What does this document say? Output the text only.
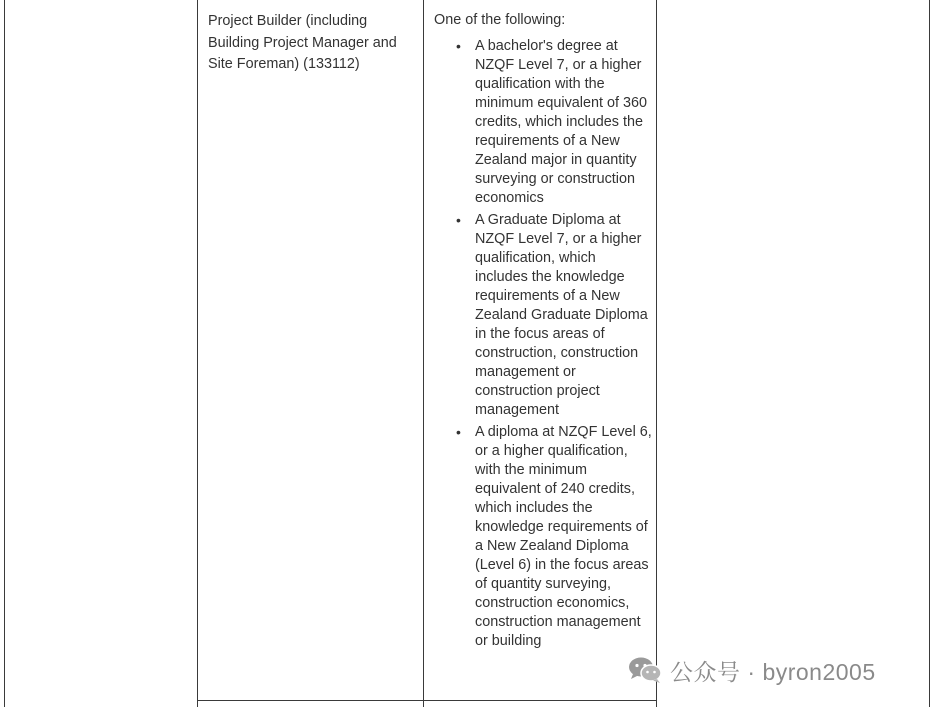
Project Builder (including Building Project Manager and Site Foreman) (133112)
One of the following:
• A bachelor's degree at NZQF Level 7, or a higher qualification with the minimum equivalent of 360 credits, which includes the requirements of a New Zealand major in quantity surveying or construction economics
• A Graduate Diploma at NZQF Level 7, or a higher qualification, which includes the knowledge requirements of a New Zealand Graduate Diploma in the focus areas of construction, construction management or construction project management
• A diploma at NZQF Level 6, or a higher qualification, with the minimum equivalent of 240 credits, which includes the knowledge requirements of a New Zealand Diploma (Level 6) in the focus areas of quantity surveying, construction economics, construction management or building
公众号 · byron2005
